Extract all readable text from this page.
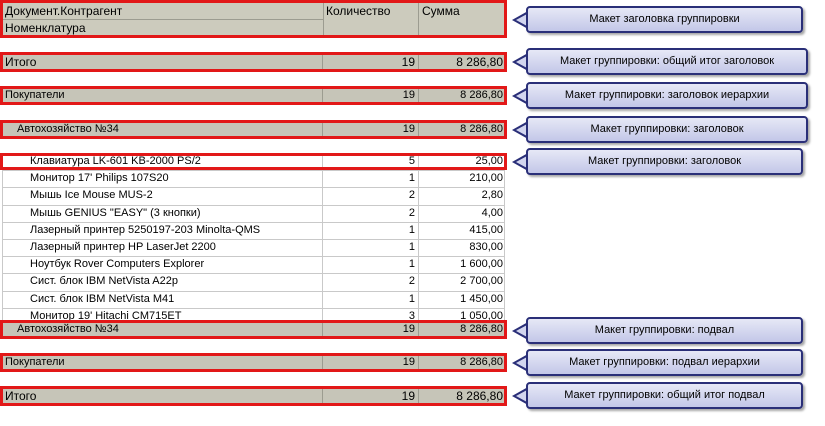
Документ.Контрагент
Номенклатура
Количество	Сумма
Итого	19	8 286,80
Покупатели	19	8 286,80
Автохозяйство №34	19	8 286,80
Клавиатура LK-601 KB-2000 PS/2	5	25,00
Монитор 17' Philips 107S20	1	210,00
Мышь Ice Mouse MUS-2	2	2,80
Мышь GENIUS "EASY" (3 кнопки)	2	4,00
Лазерный принтер 5250197-203 Minolta-QMS	1	415,00
Лазерный принтер HP LaserJet 2200	1	830,00
Ноутбук Rover Computers Explorer	1	1 600,00
Сист. блок IBM NetVista A22p	2	2 700,00
Сист. блок IBM NetVista M41	1	1 450,00
Монитор 19' Hitachi CM715ET	3	1 050,00
Автохозяйство №34	19	8 286,80
Покупатели	19	8 286,80
Итого	19	8 286,80
Макет заголовка группировки
Макет группировки: общий итог заголовок
Макет группировки: заголовок иерархии
Макет группировки: заголовок
Макет группировки: заголовок
Макет группировки: подвал
Макет группировки: подвал иерархии
Макет группировки: общий итог подвал
